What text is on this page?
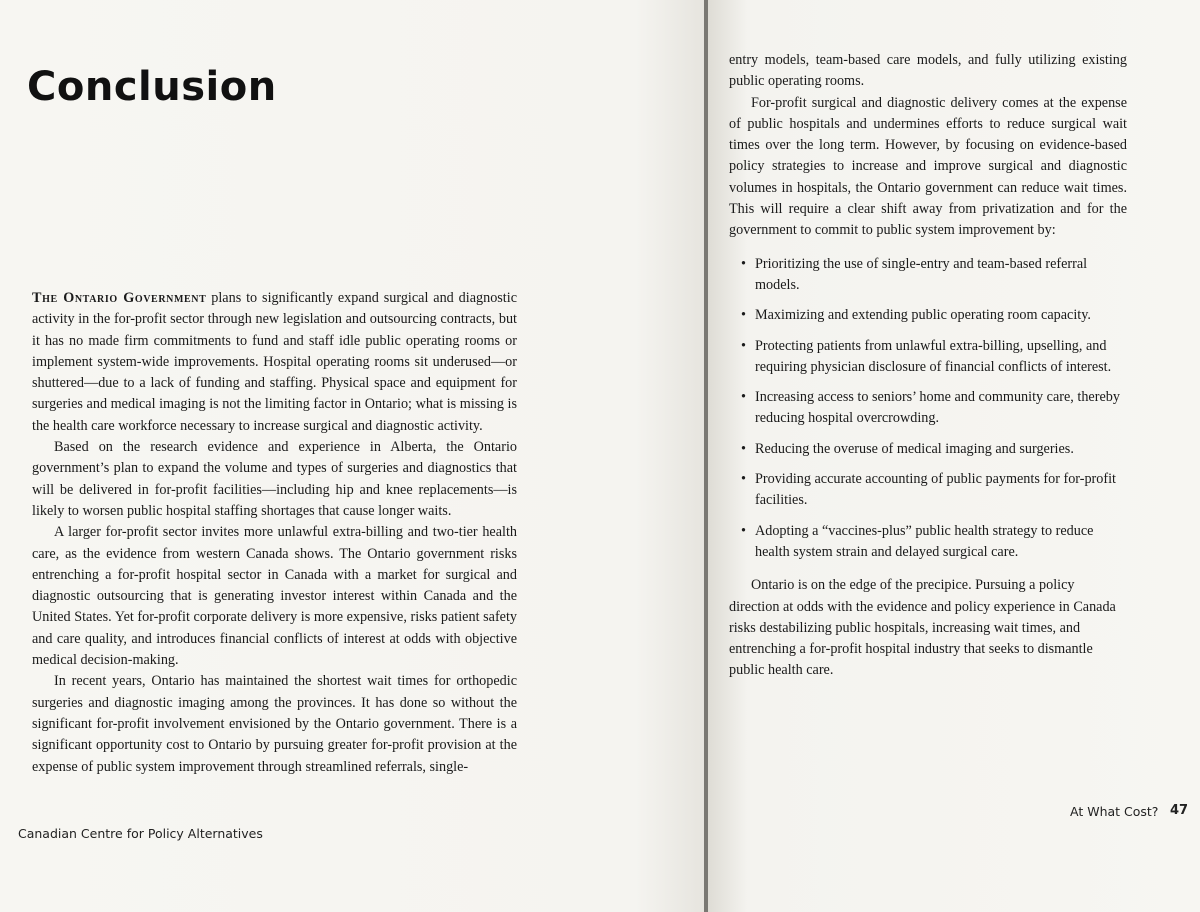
Conclusion

The Ontario Government plans to significantly expand surgical and diagnostic activity in the for-profit sector through new legislation and outsourcing contracts, but it has no made firm commitments to fund and staff idle public operating rooms or implement system-wide improvements. Hospital operating rooms sit underused—or shuttered—due to a lack of funding and staffing. Physical space and equipment for surgeries and medical imaging is not the limiting factor in Ontario; what is missing is the health care workforce necessary to increase surgical and diagnostic activity.

Based on the research evidence and experience in Alberta, the Ontario government’s plan to expand the volume and types of surgeries and diagnostics that will be delivered in for-profit facilities—including hip and knee replacements—is likely to worsen public hospital staffing shortages that cause longer waits.

A larger for-profit sector invites more unlawful extra-billing and two-tier health care, as the evidence from western Canada shows. The Ontario government risks entrenching a for-profit hospital sector in Canada with a market for surgical and diagnostic outsourcing that is generating investor interest within Canada and the United States. Yet for-profit corporate delivery is more expensive, risks patient safety and care quality, and introduces financial conflicts of interest at odds with objective medical decision-making.

In recent years, Ontario has maintained the shortest wait times for orthopedic surgeries and diagnostic imaging among the provinces. It has done so without the significant for-profit involvement envisioned by the Ontario government. There is a significant opportunity cost to Ontario by pursuing greater for-profit provision at the expense of public system improvement through streamlined referrals, single-

Canadian Centre for Policy Alternatives

entry models, team-based care models, and fully utilizing existing public operating rooms.

For-profit surgical and diagnostic delivery comes at the expense of public hospitals and undermines efforts to reduce surgical wait times over the long term. However, by focusing on evidence-based policy strategies to increase and improve surgical and diagnostic volumes in hospitals, the Ontario government can reduce wait times. This will require a clear shift away from privatization and for the government to commit to public system improvement by:

• Prioritizing the use of single-entry and team-based referral models.
• Maximizing and extending public operating room capacity.
• Protecting patients from unlawful extra-billing, upselling, and requiring physician disclosure of financial conflicts of interest.
• Increasing access to seniors’ home and community care, thereby reducing hospital overcrowding.
• Reducing the overuse of medical imaging and surgeries.
• Providing accurate accounting of public payments for for-profit facilities.
• Adopting a “vaccines-plus” public health strategy to reduce health system strain and delayed surgical care.

Ontario is on the edge of the precipice. Pursuing a policy direction at odds with the evidence and policy experience in Canada risks destabilizing public hospitals, increasing wait times, and entrenching a for-profit hospital industry that seeks to dismantle public health care.

At What Cost? 47
